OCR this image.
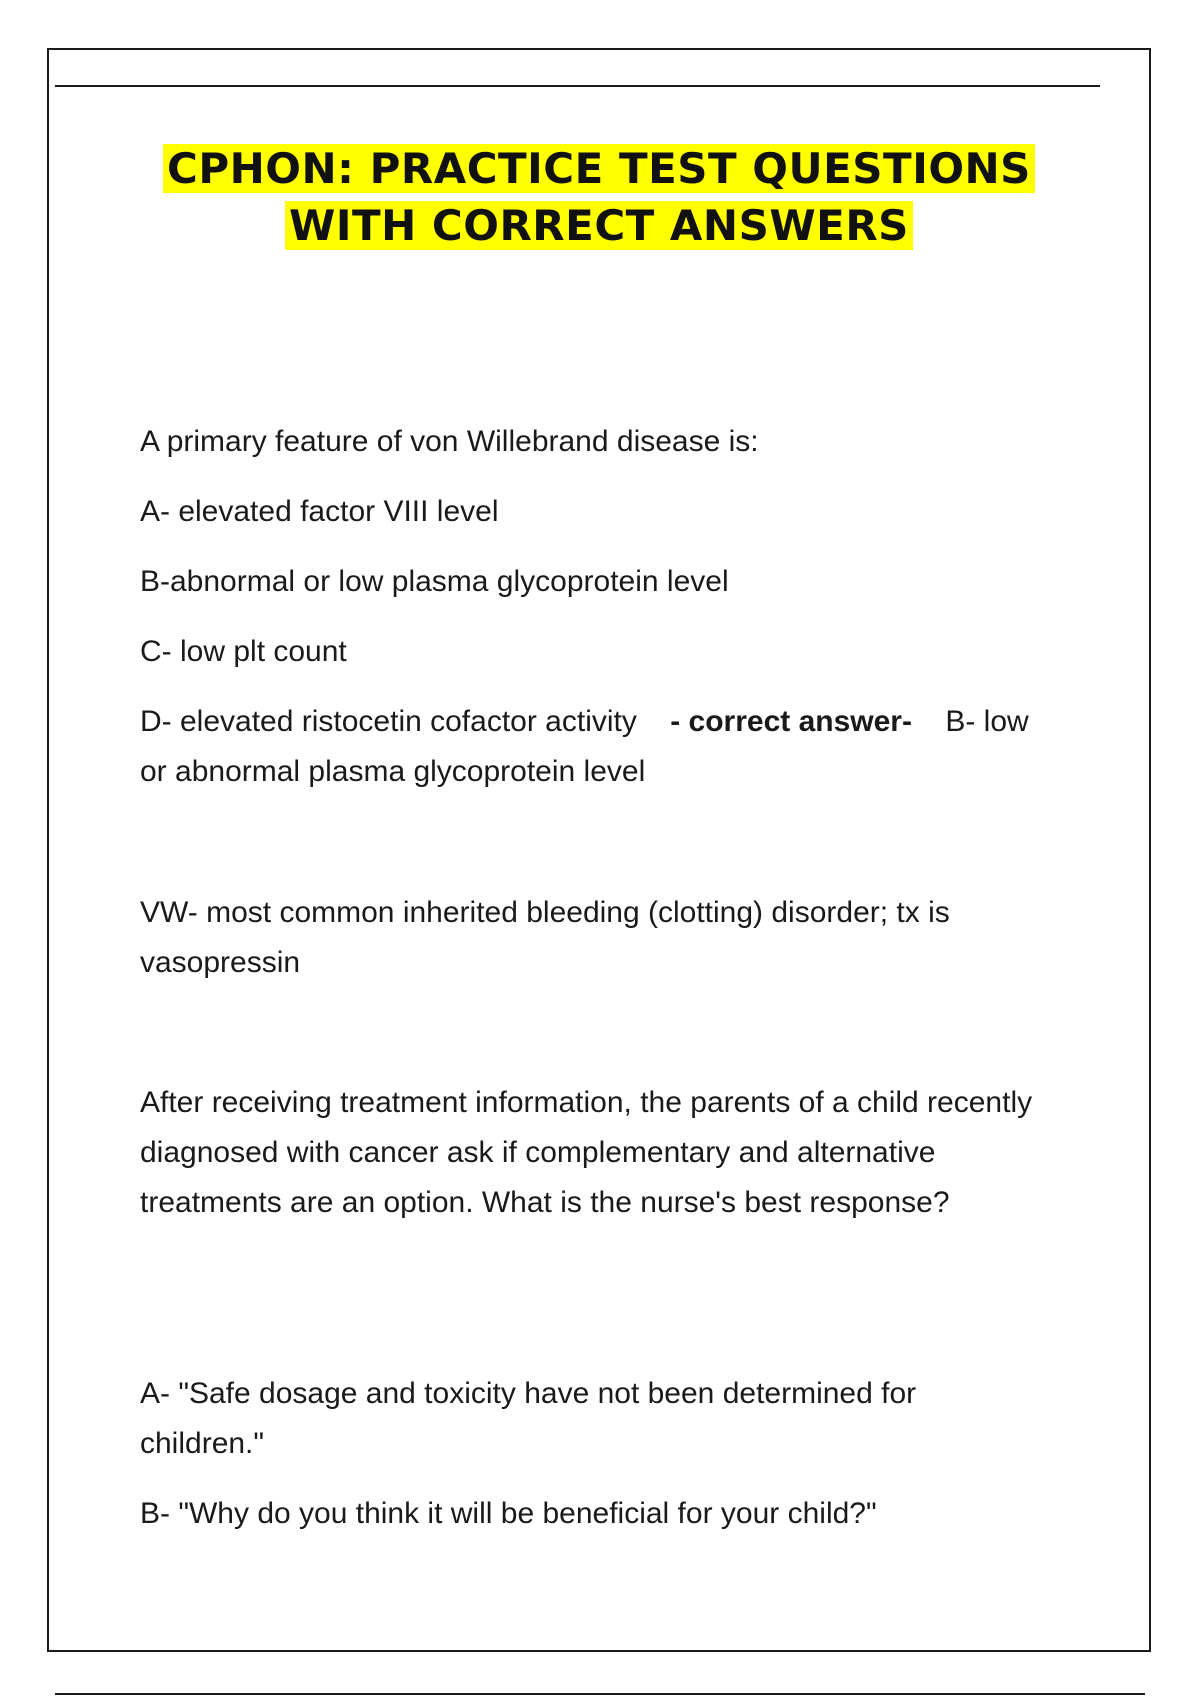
CPHON: PRACTICE TEST QUESTIONS
WITH CORRECT ANSWERS

A primary feature of von Willebrand disease is:

A- elevated factor VIII level

B-abnormal or low plasma glycoprotein level

C- low plt count

D- elevated ristocetin cofactor activity - correct answer- B- low or abnormal plasma glycoprotein level

VW- most common inherited bleeding (clotting) disorder; tx is vasopressin

After receiving treatment information, the parents of a child recently diagnosed with cancer ask if complementary and alternative treatments are an option. What is the nurse's best response?

A- "Safe dosage and toxicity have not been determined for children."

B- "Why do you think it will be beneficial for your child?"
